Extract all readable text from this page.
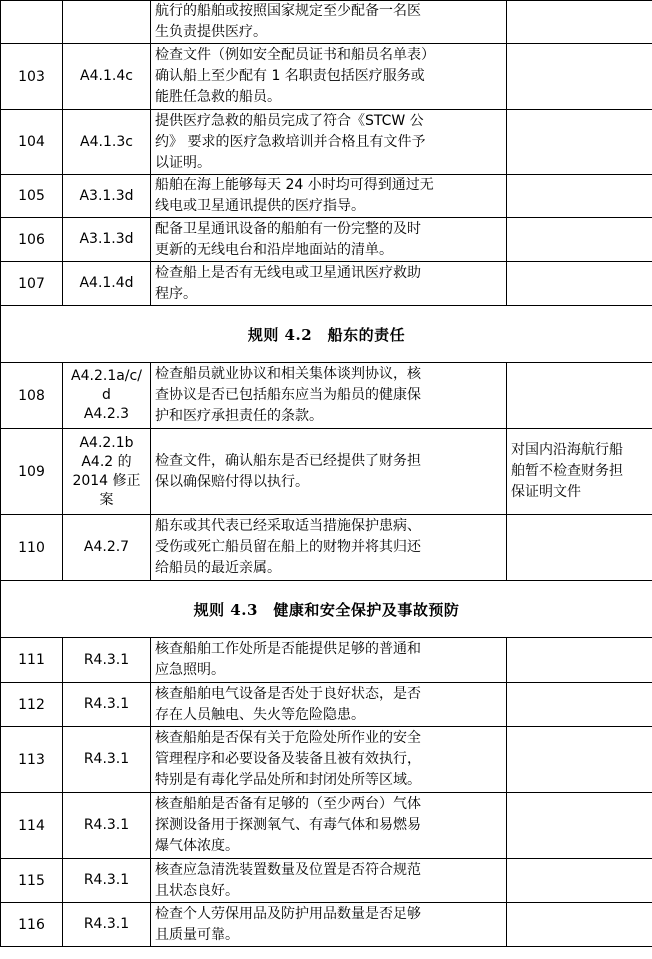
		航行的船舶或按照国家规定至少配备一名医
生负责提供医疗。	

103	A4.1.4c	检查文件（例如安全配员证书和船员名单表）
确认船上至少配有 1 名职责包括医疗服务或
能胜任急救的船员。	

104	A4.1.3c	提供医疗急救的船员完成了符合《STCW 公
约》 要求的医疗急救培训并合格且有文件予
以证明。	

105	A3.1.3d	船舶在海上能够每天 24 小时均可得到通过无
线电或卫星通讯提供的医疗指导。	

106	A3.1.3d	配备卫星通讯设备的船舶有一份完整的及时
更新的无线电台和沿岸地面站的清单。	

107	A4.1.4d	检查船上是否有无线电或卫星通讯医疗救助
程序。	

规则 4.2　船东的责任			
108	A4.2.1a/c/
d
A4.2.3	检查船员就业协议和相关集体谈判协议，核
查协议是否已包括船东应当为船员的健康保
护和医疗承担责任的条款。	

109	A4.2.1b
A4.2 的
2014 修正
案	检查文件，确认船东是否已经提供了财务担
保以确保赔付得以执行。	对国内沿海航行船
舶暂不检查财务担
保证明文件

110	A4.2.7	船东或其代表已经采取适当措施保护患病、
受伤或死亡船员留在船上的财物并将其归还
给船员的最近亲属。	

规则 4.3　健康和安全保护及事故预防			
111	R4.3.1	核查船舶工作处所是否能提供足够的普通和
应急照明。	

112	R4.3.1	核查船舶电气设备是否处于良好状态，是否
存在人员触电、失火等危险隐患。	

113	R4.3.1	核查船舶是否保有关于危险处所作业的安全
管理程序和必要设备及装备且被有效执行，
特别是有毒化学品处所和封闭处所等区域。	

114	R4.3.1	核查船舶是否备有足够的（至少两台）气体
探测设备用于探测氧气、有毒气体和易燃易
爆气体浓度。	

115	R4.3.1	核查应急清洗装置数量及位置是否符合规范
且状态良好。	

116	R4.3.1	检查个人劳保用品及防护用品数量是否足够
且质量可靠。	
